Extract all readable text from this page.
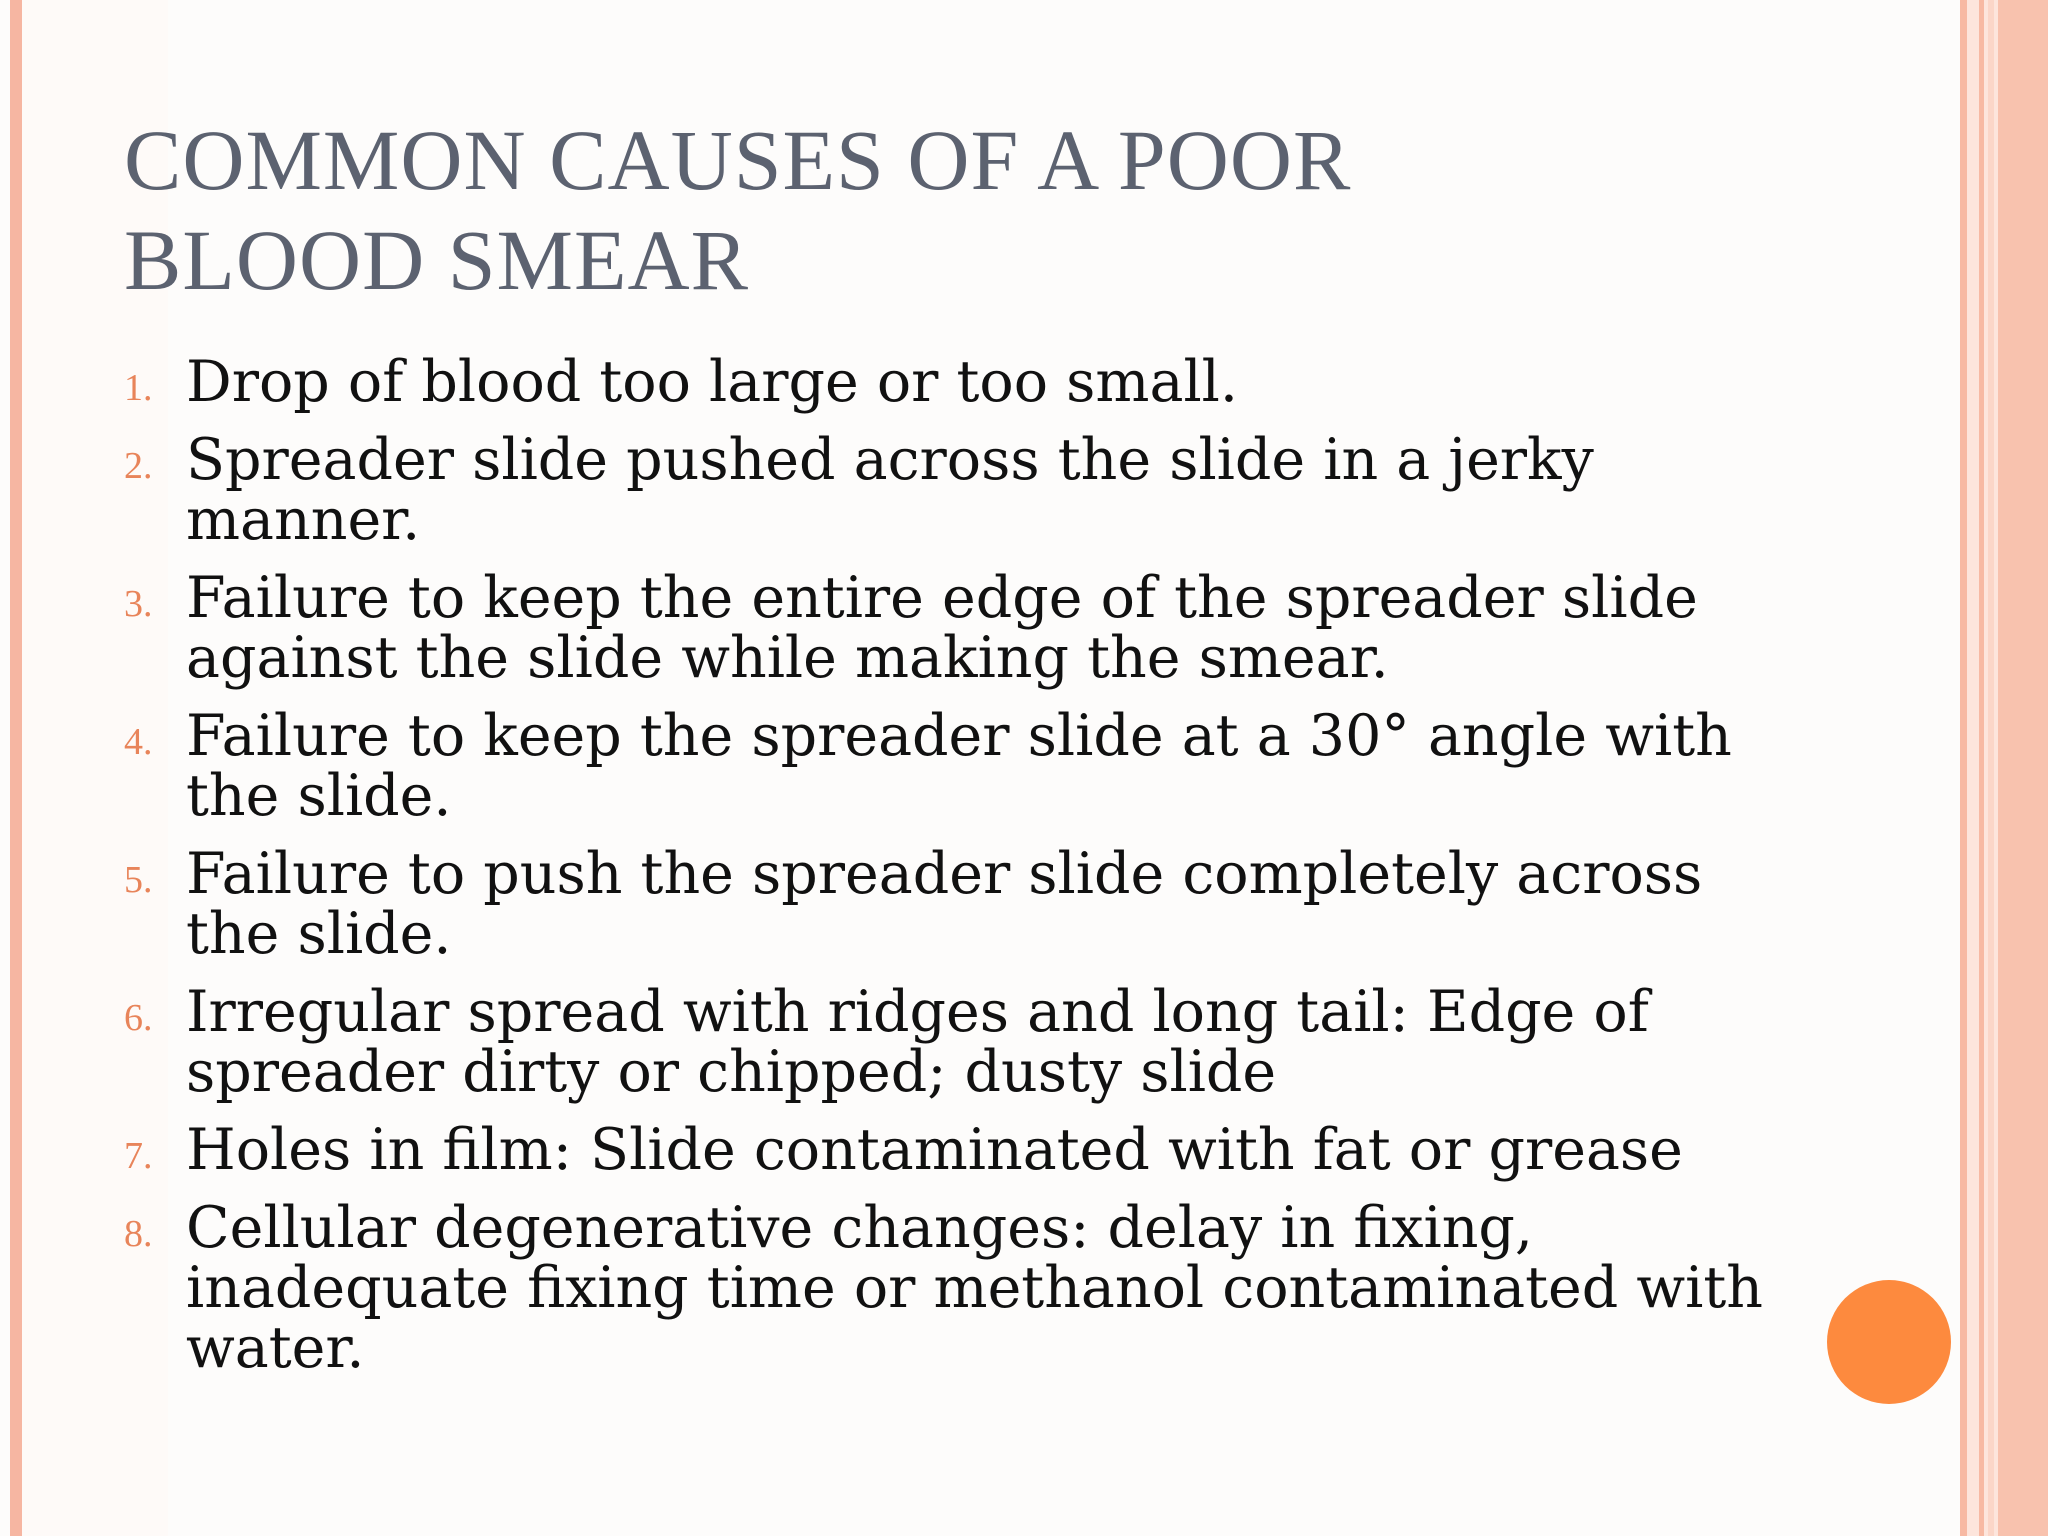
COMMON CAUSES OF A POOR
BLOOD SMEAR
1. Drop of blood too large or too small.
2. Spreader slide pushed across the slide in a jerky manner.
3. Failure to keep the entire edge of the spreader slide against the slide while making the smear.
4. Failure to keep the spreader slide at a 30° angle with the slide.
5. Failure to push the spreader slide completely across the slide.
6. Irregular spread with ridges and long tail: Edge of spreader dirty or chipped; dusty slide
7. Holes in film: Slide contaminated with fat or grease
8. Cellular degenerative changes: delay in fixing, inadequate fixing time or methanol contaminated with water.
